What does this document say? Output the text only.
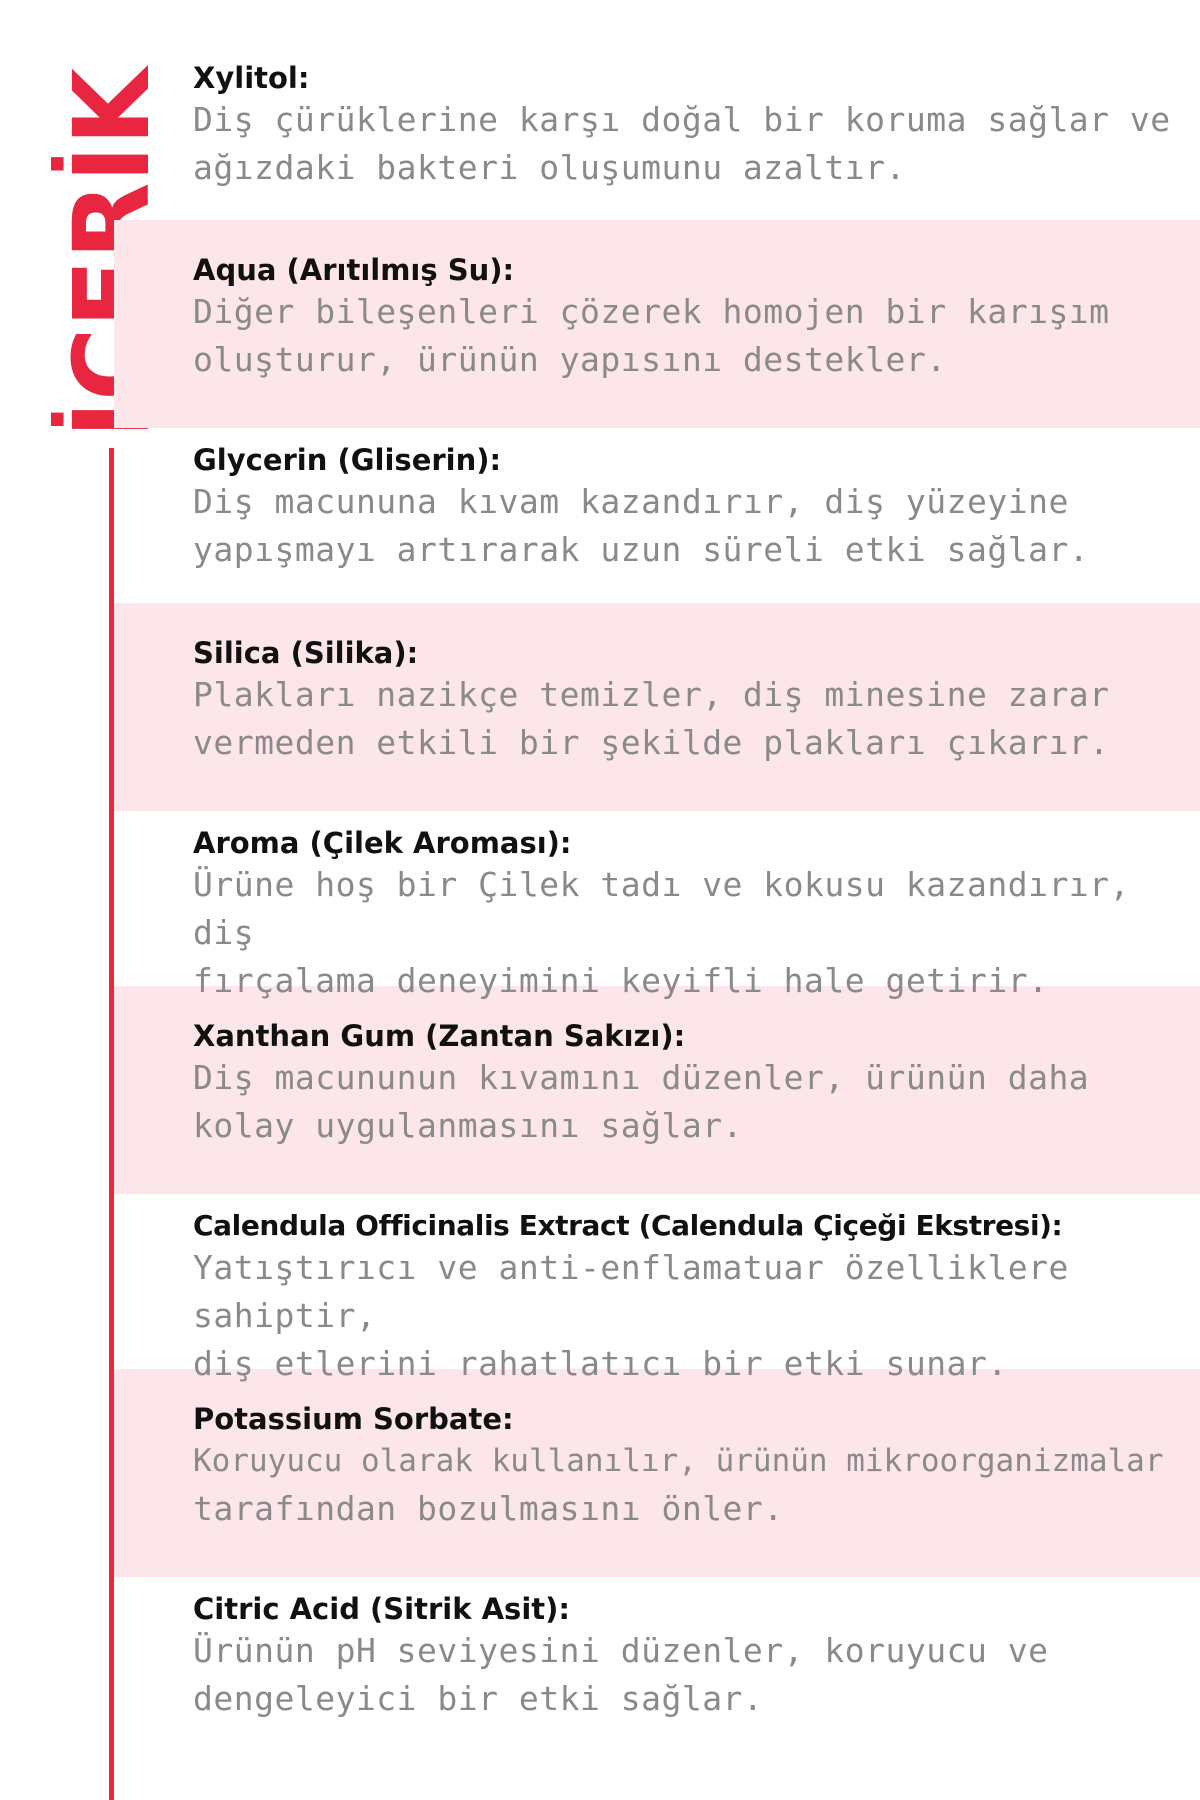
İÇERİK Xylitol:

Diş çürüklerine karşı doğal bir koruma sağlar ve

ağızdaki bakteri oluşumunu azaltır.

Aqua (Arıtılmış Su):

Diğer bileşenleri çözerek homojen bir karışım

oluşturur, ürünün yapısını destekler.

Glycerin (Gliserin):

Diş macununa kıvam kazandırır, diş yüzeyine

yapışmayı artırarak uzun süreli etki sağlar.

Silica (Silika):

Plakları nazikçe temizler, diş minesine zarar

vermeden etkili bir şekilde plakları çıkarır.

Aroma (Çilek Aroması):

Ürüne hoş bir Çilek tadı ve kokusu kazandırır, diş

fırçalama deneyimini keyifli hale getirir.

Xanthan Gum (Zantan Sakızı):

Diş macununun kıvamını düzenler, ürünün daha

kolay uygulanmasını sağlar.

Calendula Officinalis Extract (Calendula Çiçeği Ekstresi):

Yatıştırıcı ve anti-enflamatuar özelliklere sahiptir,

diş etlerini rahatlatıcı bir etki sunar.

Potassium Sorbate:

Koruyucu olarak kullanılır, ürünün mikroorganizmalar

tarafından bozulmasını önler.

Citric Acid (Sitrik Asit):

Ürünün pH seviyesini düzenler, koruyucu ve

dengeleyici bir etki sağlar.
